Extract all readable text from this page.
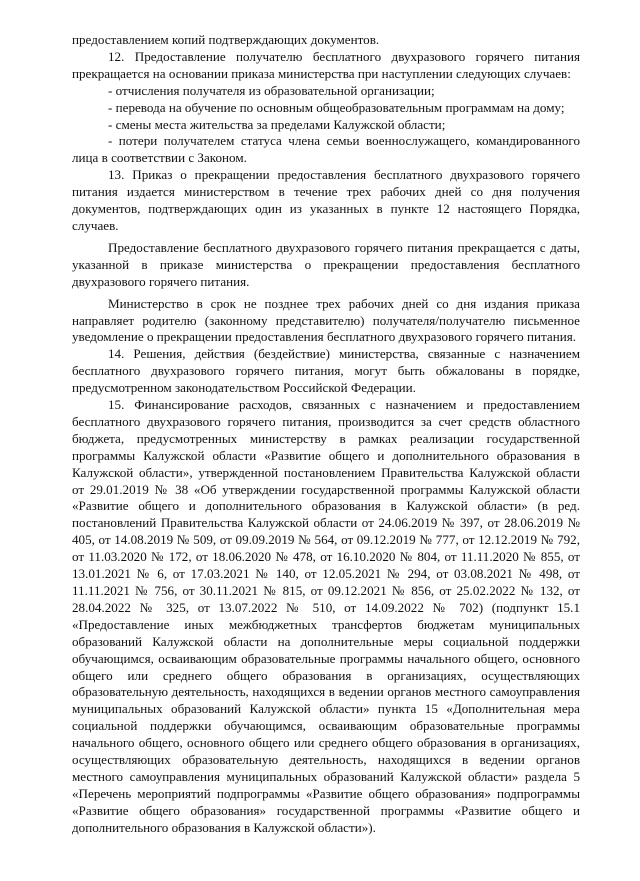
предоставлением копий подтверждающих документов.

12. Предоставление получателю бесплатного двухразового горячего питания прекращается на основании приказа министерства при наступлении следующих случаев:

- отчисления получателя из образовательной организации;

- перевода на обучение по основным общеобразовательным программам на дому;

- смены места жительства за пределами Калужской области;

- потери получателем статуса члена семьи военнослужащего, командированного лица в соответствии с Законом.

13. Приказ о прекращении предоставления бесплатного двухразового горячего питания издается министерством в течение трех рабочих дней со дня получения документов, подтверждающих один из указанных в пункте 12 настоящего Порядка, случаев.

Предоставление бесплатного двухразового горячего питания прекращается с даты, указанной в приказе министерства о прекращении предоставления бесплатного двухразового горячего питания.

Министерство в срок не позднее трех рабочих дней со дня издания приказа направляет родителю (законному представителю) получателя/получателю письменное уведомление о прекращении предоставления бесплатного двухразового горячего питания.

14. Решения, действия (бездействие) министерства, связанные с назначением бесплатного двухразового горячего питания, могут быть обжалованы в порядке, предусмотренном законодательством Российской Федерации.

15. Финансирование расходов, связанных с назначением и предоставлением бесплатного двухразового горячего питания, производится за счет средств областного бюджета, предусмотренных министерству в рамках реализации государственной программы Калужской области «Развитие общего и дополнительного образования в Калужской области», утвержденной постановлением Правительства Калужской области от 29.01.2019 № 38 «Об утверждении государственной программы Калужской области «Развитие общего и дополнительного образования в Калужской области» (в ред. постановлений Правительства Калужской области от 24.06.2019 № 397, от 28.06.2019 № 405, от 14.08.2019 № 509, от 09.09.2019 № 564, от 09.12.2019 № 777, от 12.12.2019 № 792, от 11.03.2020 № 172, от 18.06.2020 № 478, от 16.10.2020 № 804, от 11.11.2020 № 855, от 13.01.2021 № 6, от 17.03.2021 № 140, от 12.05.2021 № 294, от 03.08.2021 № 498, от 11.11.2021 № 756, от 30.11.2021 № 815, от 09.12.2021 № 856, от 25.02.2022 № 132, от 28.04.2022 № 325, от 13.07.2022 № 510, от 14.09.2022 № 702) (подпункт 15.1 «Предоставление иных межбюджетных трансфертов бюджетам муниципальных образований Калужской области на дополнительные меры социальной поддержки обучающимся, осваивающим образовательные программы начального общего, основного общего или среднего общего образования в организациях, осуществляющих образовательную деятельность, находящихся в ведении органов местного самоуправления муниципальных образований Калужской области» пункта 15 «Дополнительная мера социальной поддержки обучающимся, осваивающим образовательные программы начального общего, основного общего или среднего общего образования в организациях, осуществляющих образовательную деятельность, находящихся в ведении органов местного самоуправления муниципальных образований Калужской области» раздела 5 «Перечень мероприятий подпрограммы «Развитие общего образования» подпрограммы «Развитие общего образования» государственной программы «Развитие общего и дополнительного образования в Калужской области»).
